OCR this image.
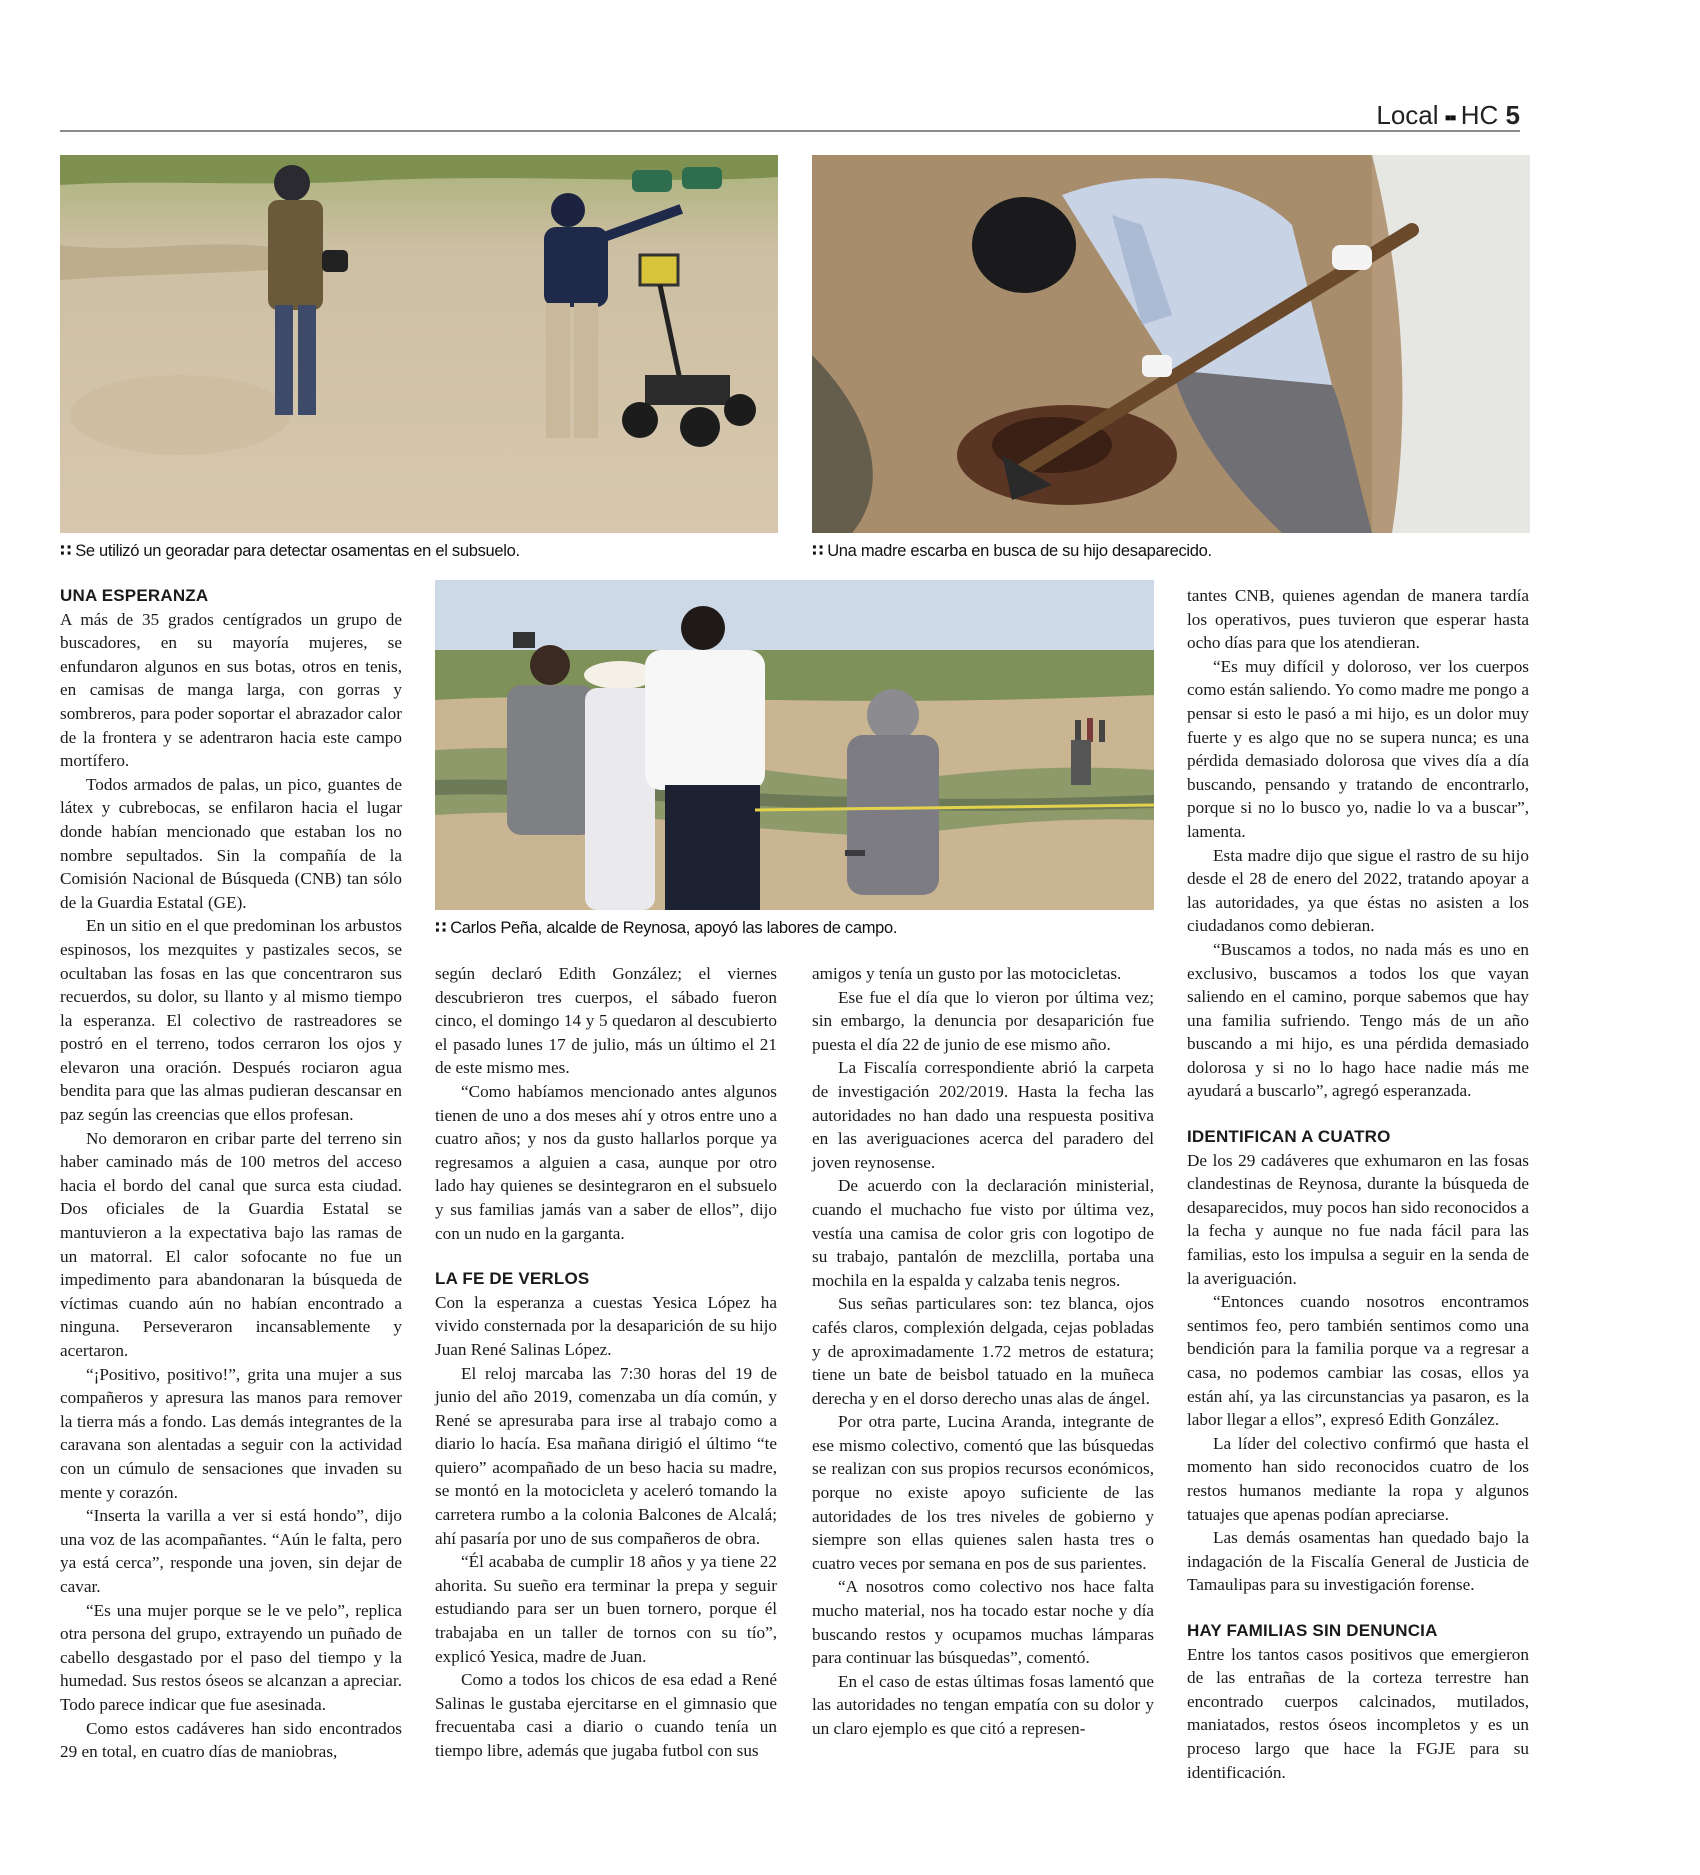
Local ▪▪ HC 5
∷ Se utilizó un georadar para detectar osamentas en el subsuelo.	∷ Una madre escarba en busca de su hijo desaparecido.
∷ Carlos Peña, alcalde de Reynosa, apoyó las labores de campo.
UNA ESPERANZA

A más de 35 grados centígrados un grupo de buscadores, en su mayoría mujeres, se enfundaron algunos en sus botas, otros en tenis, en camisas de manga larga, con gorras y sombreros, para poder soportar el abrazador calor de la frontera y se adentraron hacia este campo mortífero.

Todos armados de palas, un pico, guantes de látex y cubrebocas, se enfilaron hacia el lugar donde habían mencionado que estaban los no nombre sepultados. Sin la compañía de la Comisión Nacional de Búsqueda (CNB) tan sólo de la Guardia Estatal (GE).

En un sitio en el que predominan los arbustos espinosos, los mezquites y pastizales secos, se ocultaban las fosas en las que concentraron sus recuerdos, su dolor, su llanto y al mismo tiempo la esperanza. El colectivo de rastreadores se postró en el terreno, todos cerraron los ojos y elevaron una oración. Después rociaron agua bendita para que las almas pudieran descansar en paz según las creencias que ellos profesan.

No demoraron en cribar parte del terreno sin haber caminado más de 100 metros del acceso hacia el bordo del canal que surca esta ciudad. Dos oficiales de la Guardia Estatal se mantuvieron a la expectativa bajo las ramas de un matorral. El calor sofocante no fue un impedimento para abandonaran la búsqueda de víctimas cuando aún no habían encontrado a ninguna. Perseveraron incansablemente y acertaron.

“¡Positivo, positivo!”, grita una mujer a sus compañeros y apresura las manos para remover la tierra más a fondo. Las demás integrantes de la caravana son alentadas a seguir con la actividad con un cúmulo de sensaciones que invaden su mente y corazón.

“Inserta la varilla a ver si está hondo”, dijo una voz de las acompañantes. “Aún le falta, pero ya está cerca”, responde una joven, sin dejar de cavar.

“Es una mujer porque se le ve pelo”, replica otra persona del grupo, extrayendo un puñado de cabello desgastado por el paso del tiempo y la humedad. Sus restos óseos se alcanzan a apreciar. Todo parece indicar que fue asesinada.

Como estos cadáveres han sido encontrados 29 en total, en cuatro días de maniobras,

según declaró Edith González; el viernes descubrieron tres cuerpos, el sábado fueron cinco, el domingo 14 y 5 quedaron al descubierto el pasado lunes 17 de julio, más un último el 21 de este mismo mes.

“Como habíamos mencionado antes algunos tienen de uno a dos meses ahí y otros entre uno a cuatro años; y nos da gusto hallarlos porque ya regresamos a alguien a casa, aunque por otro lado hay quienes se desintegraron en el subsuelo y sus familias jamás van a saber de ellos”, dijo con un nudo en la garganta.

LA FE DE VERLOS

Con la esperanza a cuestas Yesica López ha vivido consternada por la desaparición de su hijo Juan René Salinas López.

El reloj marcaba las 7:30 horas del 19 de junio del año 2019, comenzaba un día común, y René se apresuraba para irse al trabajo como a diario lo hacía. Esa mañana dirigió el último “te quiero” acompañado de un beso hacia su madre, se montó en la motocicleta y aceleró tomando la carretera rumbo a la colonia Balcones de Alcalá; ahí pasaría por uno de sus compañeros de obra.

“Él acababa de cumplir 18 años y ya tiene 22 ahorita. Su sueño era terminar la prepa y seguir estudiando para ser un buen tornero, porque él trabajaba en un taller de tornos con su tío”, explicó Yesica, madre de Juan.

Como a todos los chicos de esa edad a René Salinas le gustaba ejercitarse en el gimnasio que frecuentaba casi a diario o cuando tenía un tiempo libre, además que jugaba futbol con sus

amigos y tenía un gusto por las motocicletas.

Ese fue el día que lo vieron por última vez; sin embargo, la denuncia por desaparición fue puesta el día 22 de junio de ese mismo año.

La Fiscalía correspondiente abrió la carpeta de investigación 202/2019. Hasta la fecha las autoridades no han dado una respuesta positiva en las averiguaciones acerca del paradero del joven reynosense.

De acuerdo con la declaración ministerial, cuando el muchacho fue visto por última vez, vestía una camisa de color gris con logotipo de su trabajo, pantalón de mezclilla, portaba una mochila en la espalda y calzaba tenis negros.

Sus señas particulares son: tez blanca, ojos cafés claros, complexión delgada, cejas pobladas y de aproximadamente 1.72 metros de estatura; tiene un bate de beisbol tatuado en la muñeca derecha y en el dorso derecho unas alas de ángel.

Por otra parte, Lucina Aranda, integrante de ese mismo colectivo, comentó que las búsquedas se realizan con sus propios recursos económicos, porque no existe apoyo suficiente de las autoridades de los tres niveles de gobierno y siempre son ellas quienes salen hasta tres o cuatro veces por semana en pos de sus parientes.

“A nosotros como colectivo nos hace falta mucho material, nos ha tocado estar noche y día buscando restos y ocupamos muchas lámparas para continuar las búsquedas”, comentó.

En el caso de estas últimas fosas lamentó que las autoridades no tengan empatía con su dolor y un claro ejemplo es que citó a represen-

tantes CNB, quienes agendan de manera tardía los operativos, pues tuvieron que esperar hasta ocho días para que los atendieran.

“Es muy difícil y doloroso, ver los cuerpos como están saliendo. Yo como madre me pongo a pensar si esto le pasó a mi hijo, es un dolor muy fuerte y es algo que no se supera nunca; es una pérdida demasiado dolorosa que vives día a día buscando, pensando y tratando de encontrarlo, porque si no lo busco yo, nadie lo va a buscar”, lamenta.

Esta madre dijo que sigue el rastro de su hijo desde el 28 de enero del 2022, tratando apoyar a las autoridades, ya que éstas no asisten a los ciudadanos como debieran.

“Buscamos a todos, no nada más es uno en exclusivo, buscamos a todos los que vayan saliendo en el camino, porque sabemos que hay una familia sufriendo. Tengo más de un año buscando a mi hijo, es una pérdida demasiado dolorosa y si no lo hago hace nadie más me ayudará a buscarlo”, agregó esperanzada.

IDENTIFICAN A CUATRO

De los 29 cadáveres que exhumaron en las fosas clandestinas de Reynosa, durante la búsqueda de desaparecidos, muy pocos han sido reconocidos a la fecha y aunque no fue nada fácil para las familias, esto los impulsa a seguir en la senda de la averiguación.

“Entonces cuando nosotros encontramos sentimos feo, pero también sentimos como una bendición para la familia porque va a regresar a casa, no podemos cambiar las cosas, ellos ya están ahí, ya las circunstancias ya pasaron, es la labor llegar a ellos”, expresó Edith González.

La líder del colectivo confirmó que hasta el momento han sido reconocidos cuatro de los restos humanos mediante la ropa y algunos tatuajes que apenas podían apreciarse.

Las demás osamentas han quedado bajo la indagación de la Fiscalía General de Justicia de Tamaulipas para su investigación forense.

HAY FAMILIAS SIN DENUNCIA

Entre los tantos casos positivos que emergieron de las entrañas de la corteza terrestre han encontrado cuerpos calcinados, mutilados, maniatados, restos óseos incompletos y es un proceso largo que hace la FGJE para su identificación.
